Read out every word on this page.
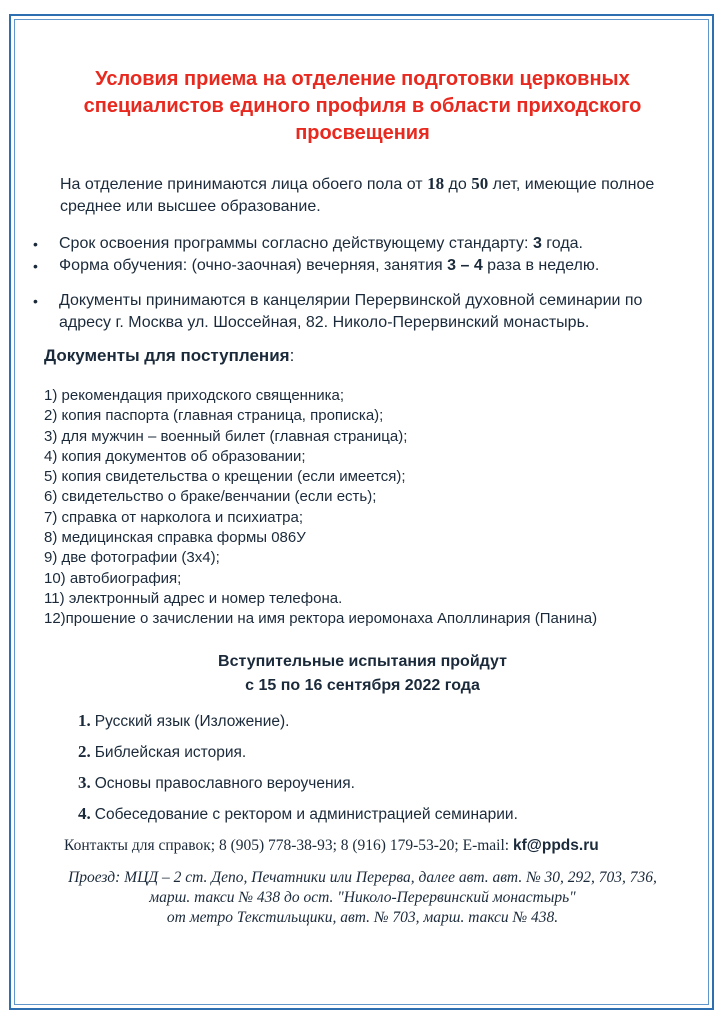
Условия приема на отделение подготовки церковных
специалистов единого профиля в области приходского
просвещения
На отделение принимаются лица обоего пола от 18 до 50 лет, имеющие полное среднее или высшее образование.
• Срок освоения программы согласно действующему стандарту: 3 года.
• Форма обучения: (очно-заочная) вечерняя, занятия 3 – 4 раза в неделю.
• Документы принимаются в канцелярии Перервинской духовной семинарии по адресу г. Москва ул. Шоссейная, 82. Николо-Перервинский монастырь.
Документы для поступления:
1) рекомендация приходского священника;
2) копия паспорта (главная страница, прописка);
3) для мужчин – военный билет (главная страница);
4) копия документов об образовании;
5) копия свидетельства о крещении (если имеется);
6) свидетельство о браке/венчании (если есть);
7) справка от нарколога и психиатра;
8) медицинская справка формы 086У
9) две фотографии (3х4);
10) автобиография;
11) электронный адрес и номер телефона.
12)прошение о зачислении на имя ректора иеромонаха Аполлинария (Панина)
Вступительные испытания пройдут
с 15 по 16 сентября 2022 года
1. Русский язык (Изложение).
2. Библейская история.
3. Основы православного вероучения.
4. Собеседование с ректором и администрацией семинарии.
Контакты для справок; 8 (905) 778-38-93; 8 (916) 179-53-20; E-mail: kf@ppds.ru
Проезд: МЦД – 2 ст. Депо, Печатники или Перерва, далее авт. авт. № 30, 292, 703, 736,
марш. такси № 438 до ост. "Николо-Перервинский монастырь"
от метро Текстильщики, авт. № 703, марш. такси № 438.
